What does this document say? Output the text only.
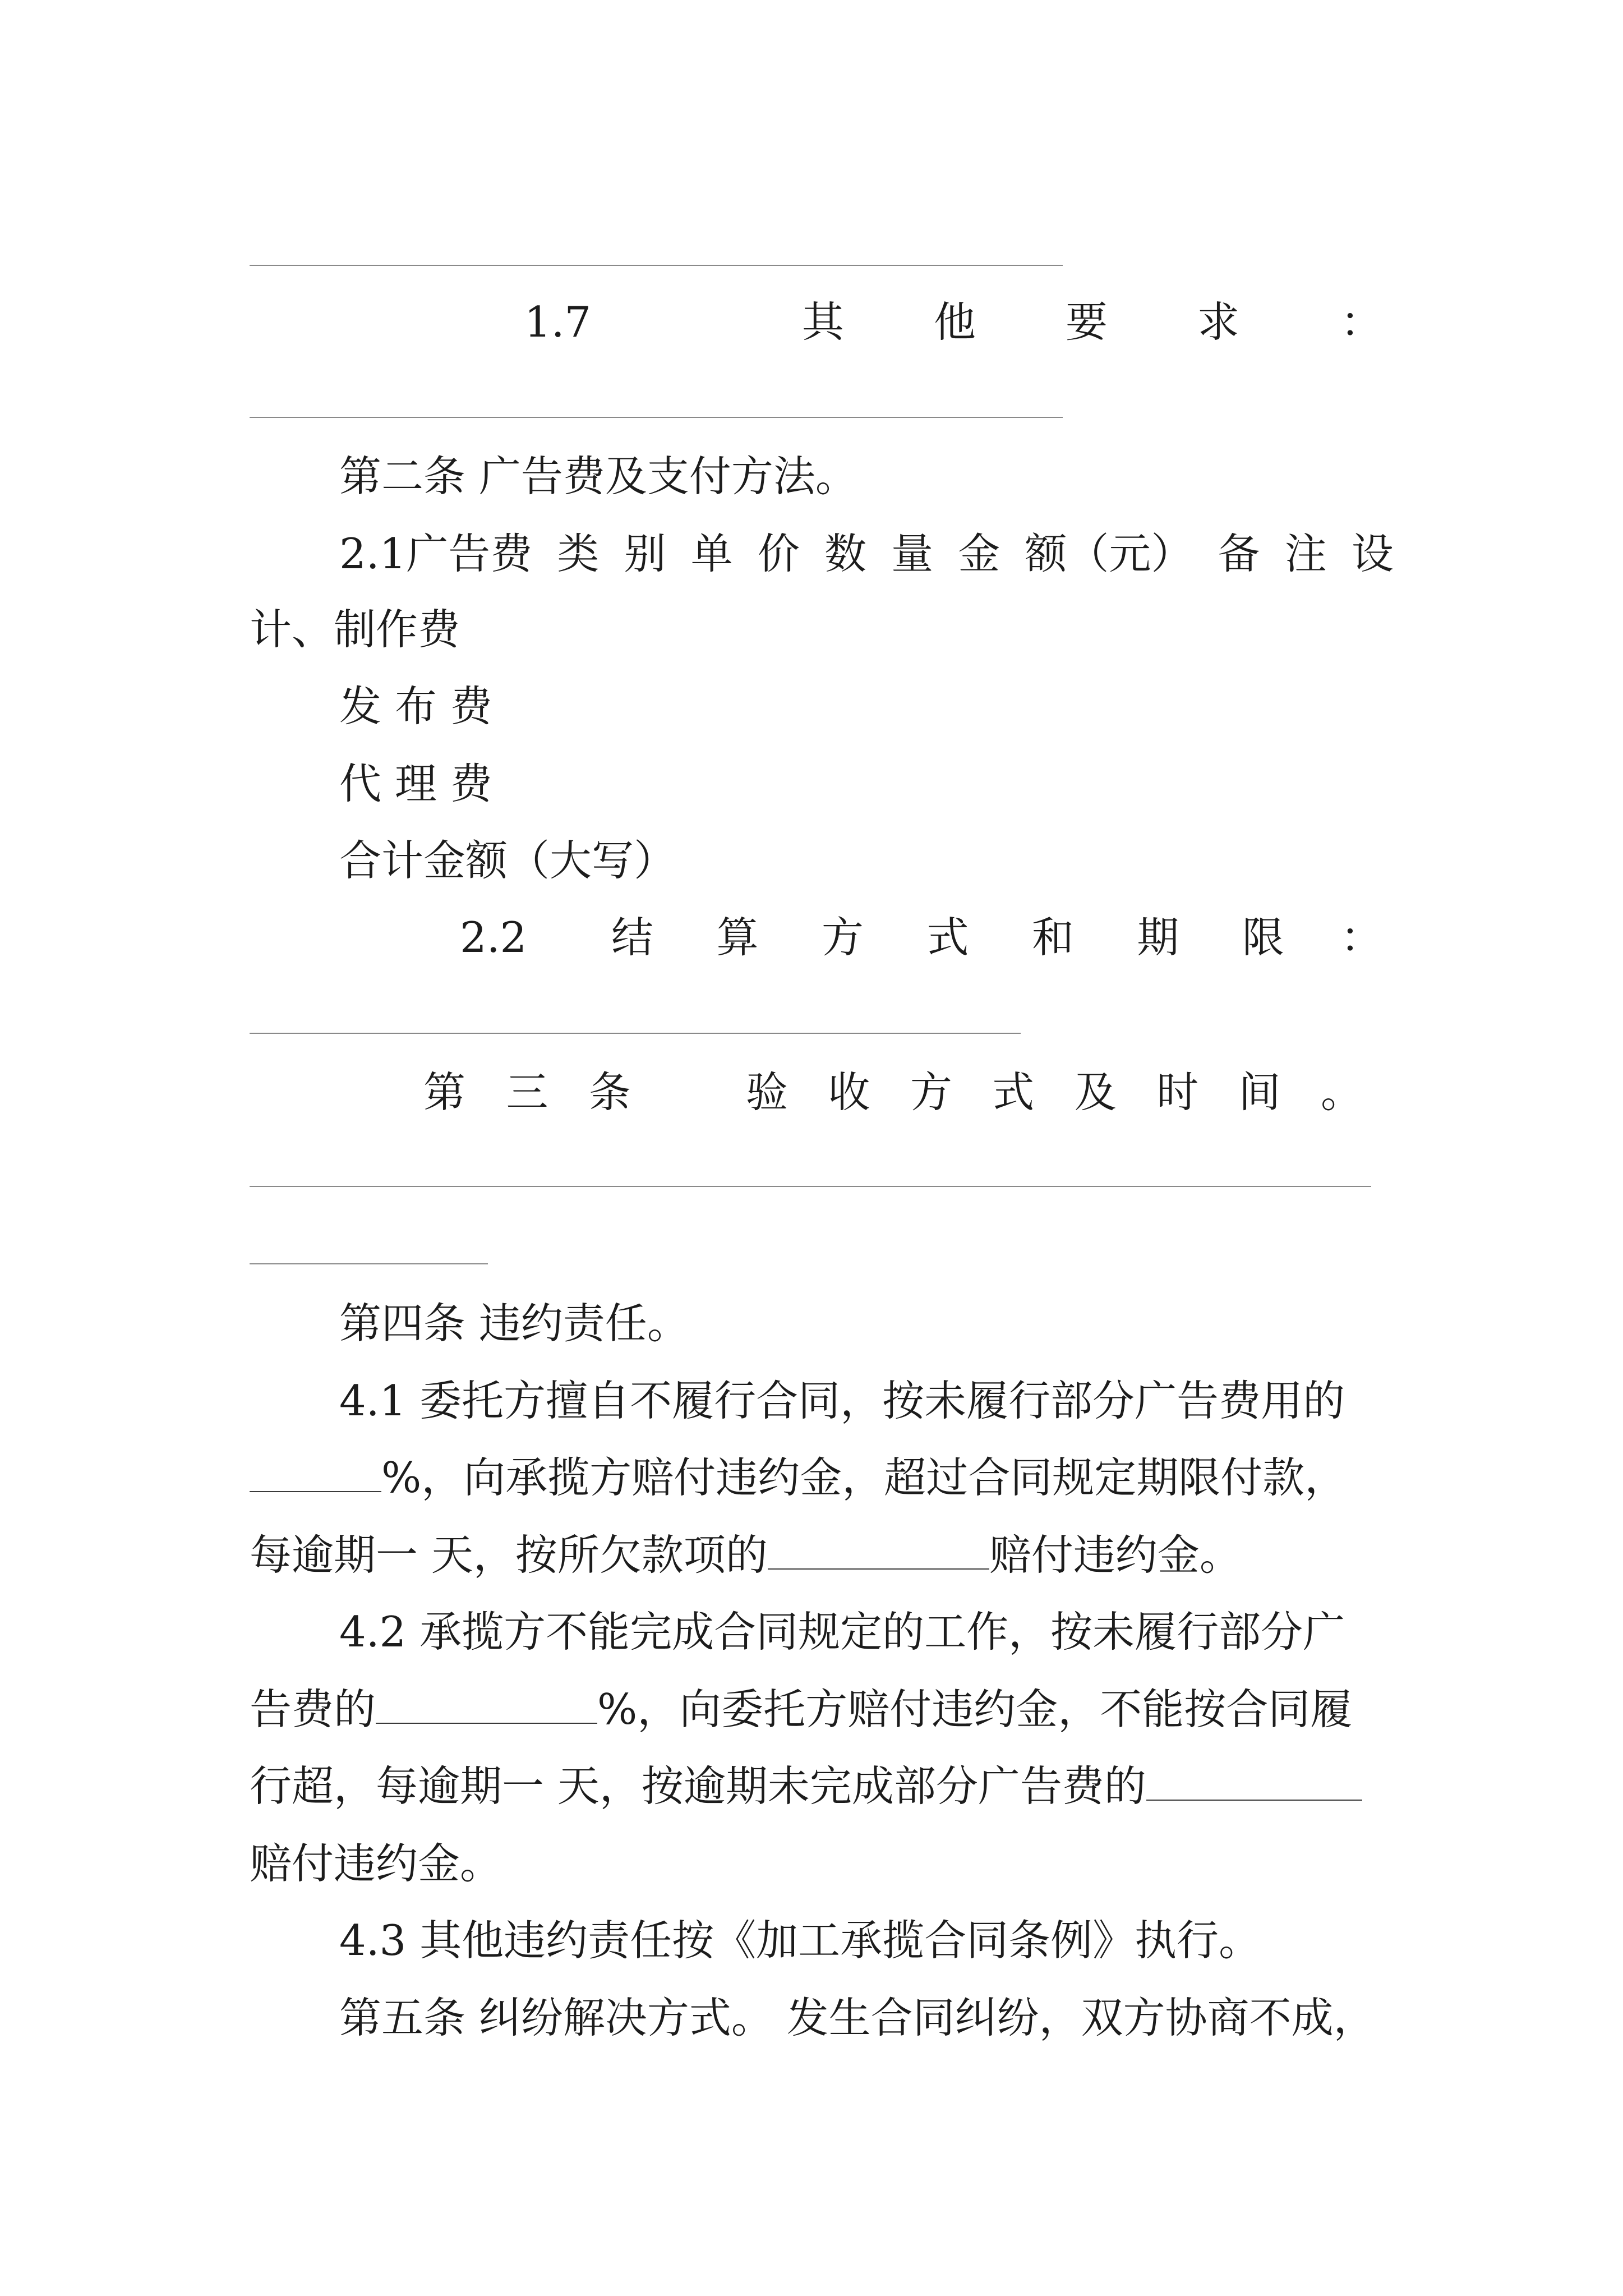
1.7	其 他 要 求 ：
第二条 广告费及支付方法。
2.1广告费 类 别 单 价 数 量 金 额（元） 备 注 设
计、制作费
发 布 费
代 理 费
合计金额（大写）
2.2 结 算 方 式 和 期 限 ：
第 三 条	验 收 方 式 及 时 间 。
第四条 违约责任。
4.1 委托方擅自不履行合同，按未履行部分广告费用的
%，向承揽方赔付违约金，超过合同规定期限付款，
每逾期一 天，按所欠款项的	赔付违约金。
4.2 承揽方不能完成合同规定的工作，按未履行部分广
告费的	%，向委托方赔付违约金，不能按合同履
行超，每逾期一 天，按逾期未完成部分广告费的
赔付违约金。
4.3 其他违约责任按《加工承揽合同条例》执行。
第五条 纠纷解决方式。 发生合同纠纷，双方协商不成，
